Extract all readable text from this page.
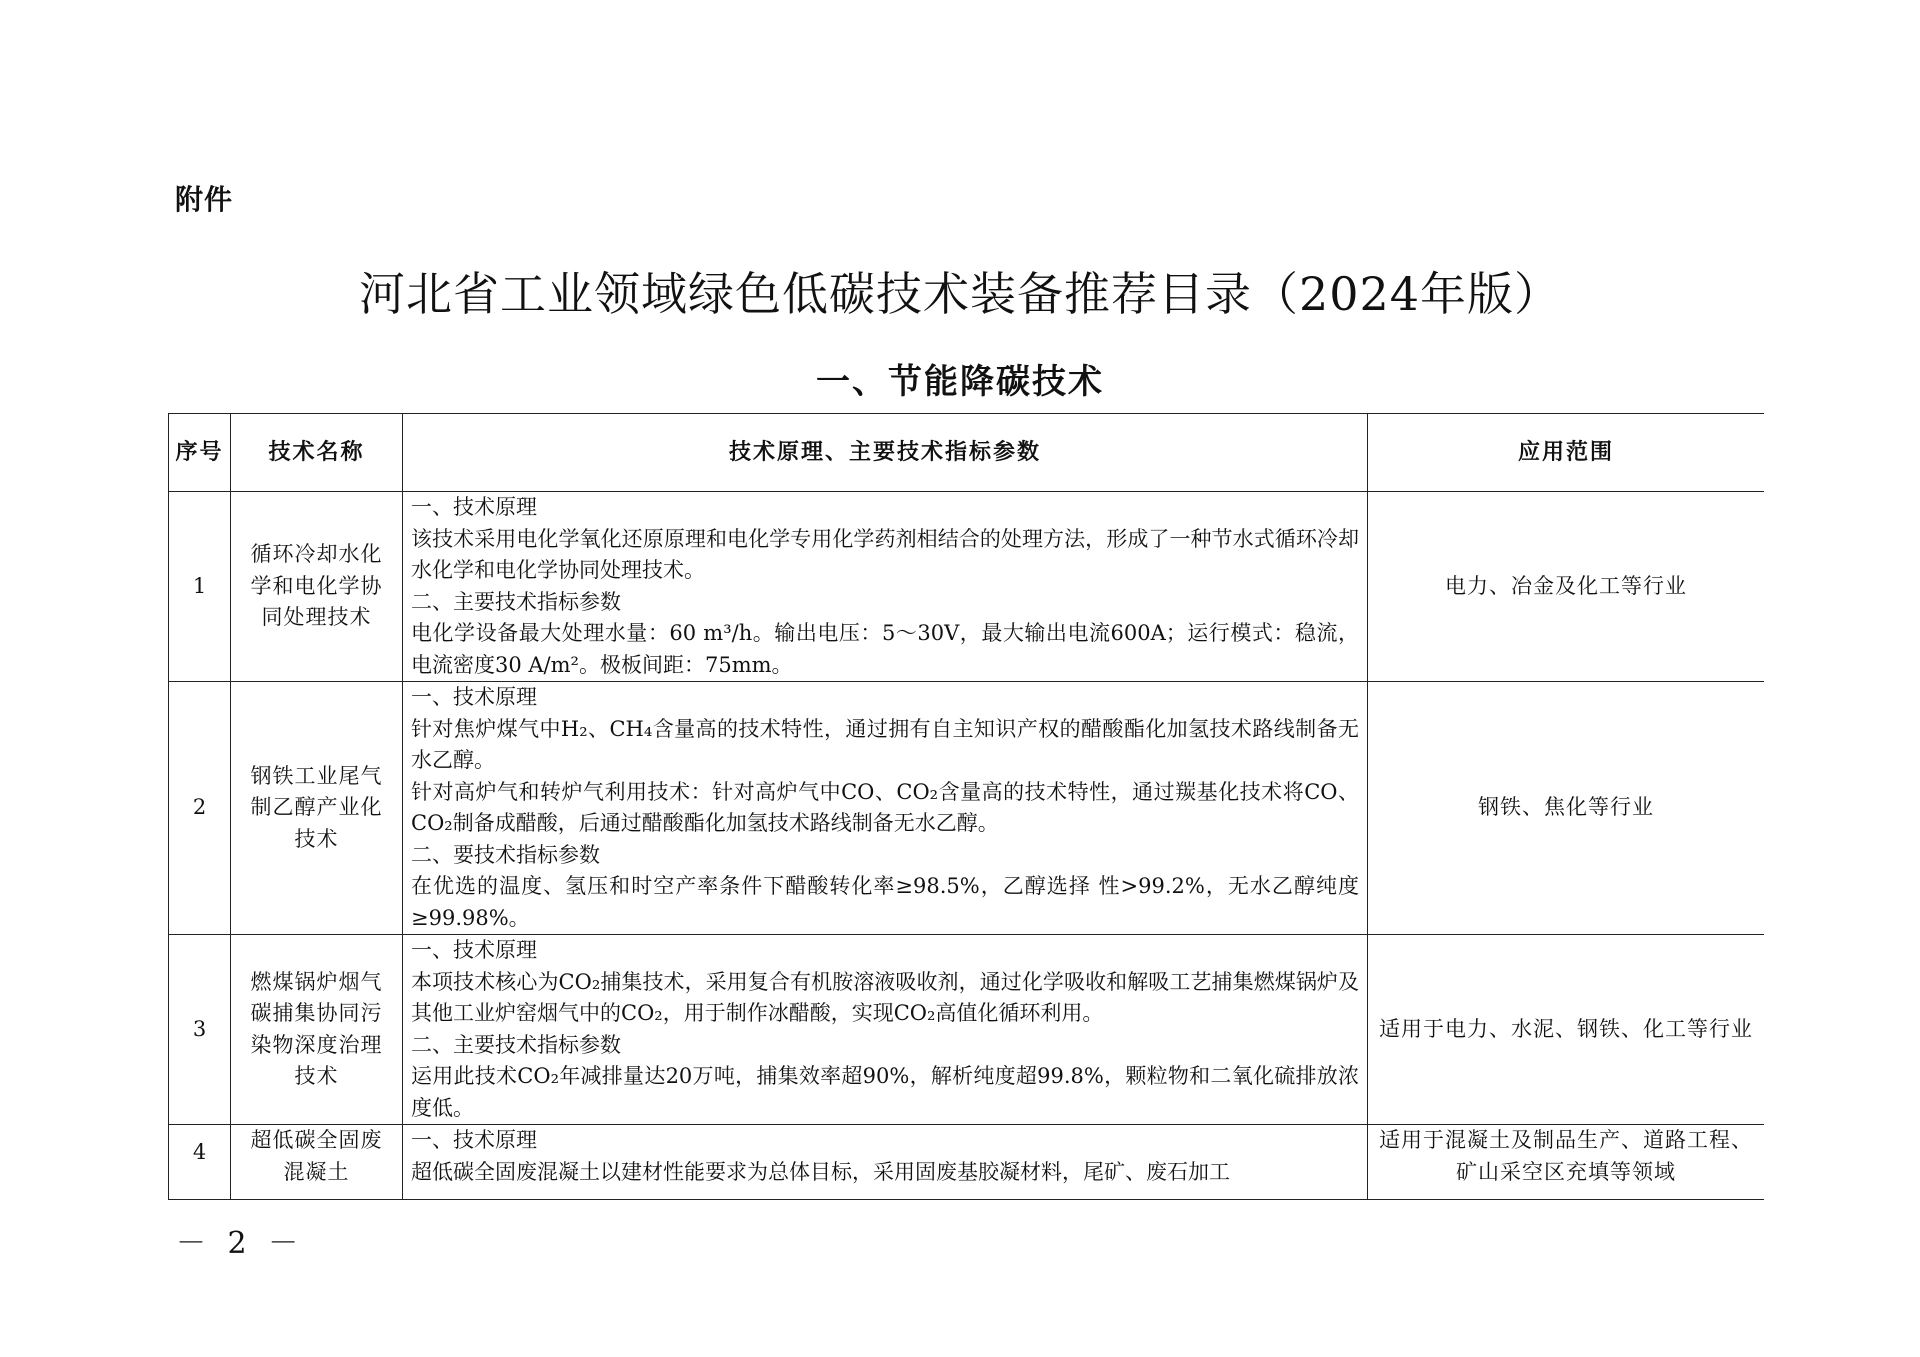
附件
河北省工业领域绿色低碳技术装备推荐目录（2024年版）
一、节能降碳技术
序号	技术名称	技术原理、主要技术指标参数	应用范围
1	循环冷却水化学和电化学协同处理技术	一、技术原理
该技术采用电化学氧化还原原理和电化学专用化学药剂相结合的处理方法，形成了一种节水式循环冷却水化学和电化学协同处理技术。
二、主要技术指标参数
电化学设备最大处理水量：60 m³/h。输出电压：5～30V，最大输出电流600A；运行模式：稳流，电流密度30 A/m²。极板间距：75mm。	电力、冶金及化工等行业
2	钢铁工业尾气制乙醇产业化技术	一、技术原理
针对焦炉煤气中H₂、CH₄含量高的技术特性，通过拥有自主知识产权的醋酸酯化加氢技术路线制备无水乙醇。
针对高炉气和转炉气利用技术：针对高炉气中CO、CO₂含量高的技术特性，通过羰基化技术将CO、CO₂制备成醋酸，后通过醋酸酯化加氢技术路线制备无水乙醇。
二、要技术指标参数
在优选的温度、氢压和时空产率条件下醋酸转化率≥98.5%，乙醇选择 性>99.2%，无水乙醇纯度≥99.98%。	钢铁、焦化等行业
3	燃煤锅炉烟气碳捕集协同污染物深度治理技术	一、技术原理
本项技术核心为CO₂捕集技术，采用复合有机胺溶液吸收剂，通过化学吸收和解吸工艺捕集燃煤锅炉及其他工业炉窑烟气中的CO₂，用于制作冰醋酸，实现CO₂高值化循环利用。
二、主要技术指标参数
运用此技术CO₂年减排量达20万吨，捕集效率超90%，解析纯度超99.8%，颗粒物和二氧化硫排放浓度低。	适用于电力、水泥、钢铁、化工等行业
4	超低碳全固废混凝土	一、技术原理
超低碳全固废混凝土以建材性能要求为总体目标，采用固废基胶凝材料，尾矿、废石加工	适用于混凝土及制品生产、道路工程、矿山采空区充填等领域
－ 2 －
